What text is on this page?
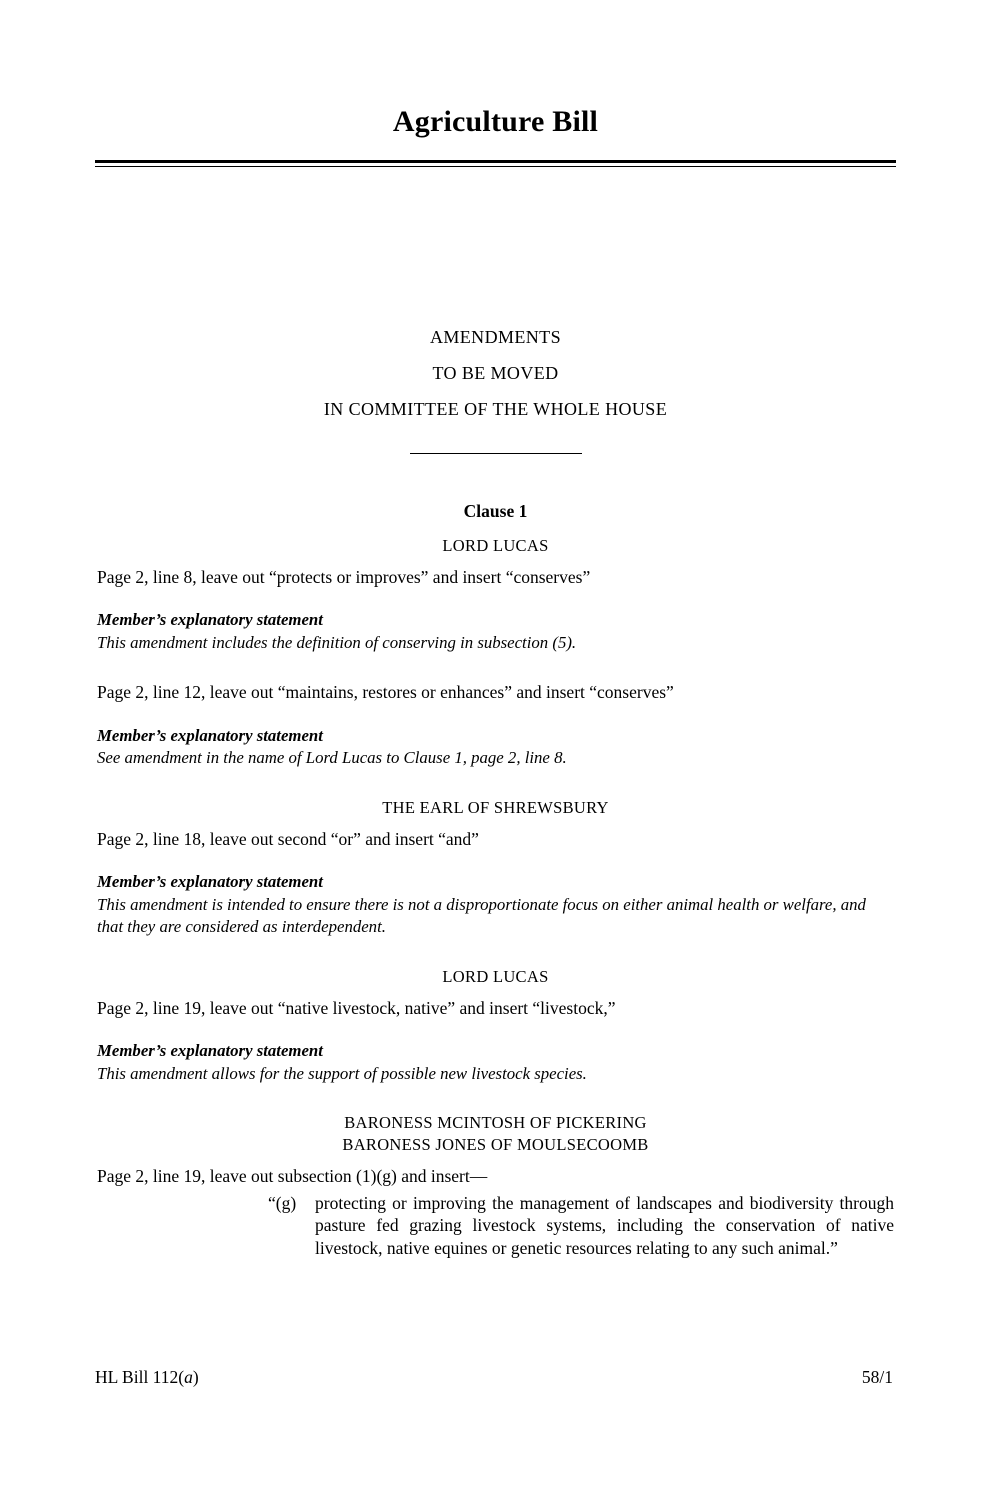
Agriculture Bill
AMENDMENTS
TO BE MOVED
IN COMMITTEE OF THE WHOLE HOUSE
Clause 1
LORD LUCAS

Page 2, line 8, leave out “protects or improves” and insert “conserves”

Member’s explanatory statement

This amendment includes the definition of conserving in subsection (5).

Page 2, line 12, leave out “maintains, restores or enhances” and insert “conserves”

Member’s explanatory statement

See amendment in the name of Lord Lucas to Clause 1, page 2, line 8.

THE EARL OF SHREWSBURY

Page 2, line 18, leave out second “or” and insert “and”

Member’s explanatory statement

This amendment is intended to ensure there is not a disproportionate focus on either animal health or welfare, and that they are considered as interdependent.

LORD LUCAS

Page 2, line 19, leave out “native livestock, native” and insert “livestock,”

Member’s explanatory statement

This amendment allows for the support of possible new livestock species.

BARONESS MCINTOSH OF PICKERING
BARONESS JONES OF MOULSECOOMB

Page 2, line 19, leave out subsection (1)(g) and insert—

“(g)	protecting or improving the management of landscapes and biodiversity through pasture fed grazing livestock systems, including the conservation of native livestock, native equines or genetic resources relating to any such animal.”
HL Bill 112(a)	58/1
